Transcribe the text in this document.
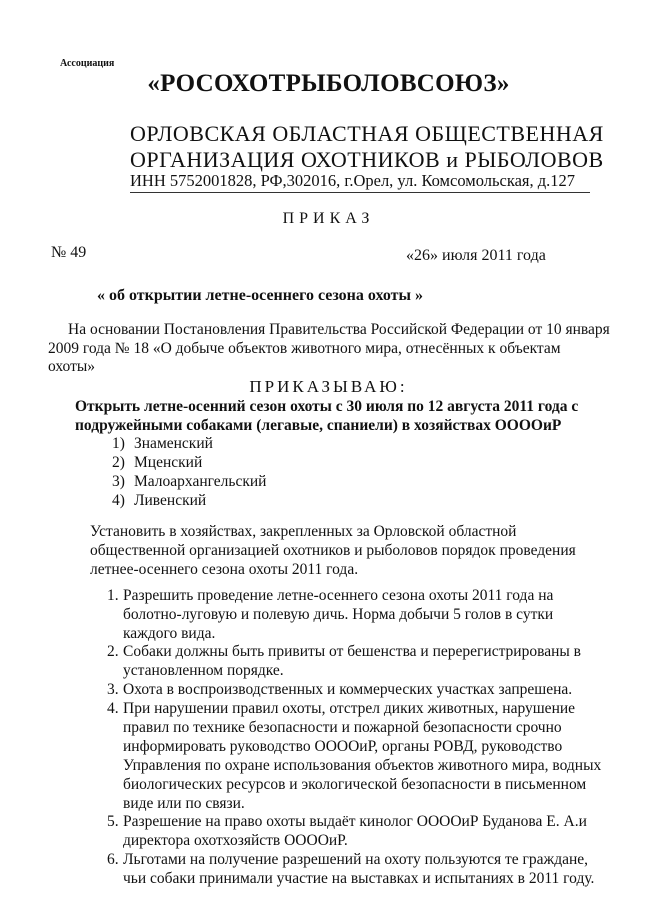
Ассоциация
«РОСОХОТРЫБОЛОВСОЮЗ»
ОРЛОВСКАЯ ОБЛАСТНАЯ ОБЩЕСТВЕННАЯ
ОРГАНИЗАЦИЯ ОХОТНИКОВ и РЫБОЛОВОВ
ИНН 5752001828, РФ,302016, г.Орел, ул. Комсомольская, д.127
ПРИКАЗ
№ 49	«26» июля 2011 года
« об открытии летне-осеннего сезона охоты »
На основании Постановления Правительства Российской Федерации от 10 января
2009 года № 18 «О добыче объектов животного мира, отнесённых к объектам
охоты»
ПРИКАЗЫВАЮ:
Открыть летне-осенний сезон охоты с 30 июля по 12 августа 2011 года с
подружейными собаками (легавые, спаниели) в хозяйствах ООООиР
1) Знаменский
2) Мценский
3) Малоархангельский
4) Ливенский
Установить в хозяйствах, закрепленных за Орловской областной
общественной организацией охотников и рыболовов порядок проведения
летнее-осеннего сезона охоты 2011 года.
1. Разрешить проведение летне-осеннего сезона охоты 2011 года на
болотно-луговую и полевую дичь. Норма добычи 5 голов в сутки
каждого вида.
2. Собаки должны быть привиты от бешенства и перерегистрированы в
установленном порядке.
3. Охота в воспроизводственных и коммерческих участках запрешена.
4. При нарушении правил охоты, отстрел диких животных, нарушение
правил по технике безопасности и пожарной безопасности срочно
информировать руководство ООООиР, органы РОВД, руководство
Управления по охране использования объектов животного мира, водных
биологических ресурсов и экологической безопасности в письменном
виде или по связи.
5. Разрешение на право охоты выдаёт кинолог ООООиР Буданова Е. А.и
директора охотхозяйств ООООиР.
6. Льготами на получение разрешений на охоту пользуются те граждане,
чьи собаки принимали участие на выставках и испытаниях в 2011 году.
